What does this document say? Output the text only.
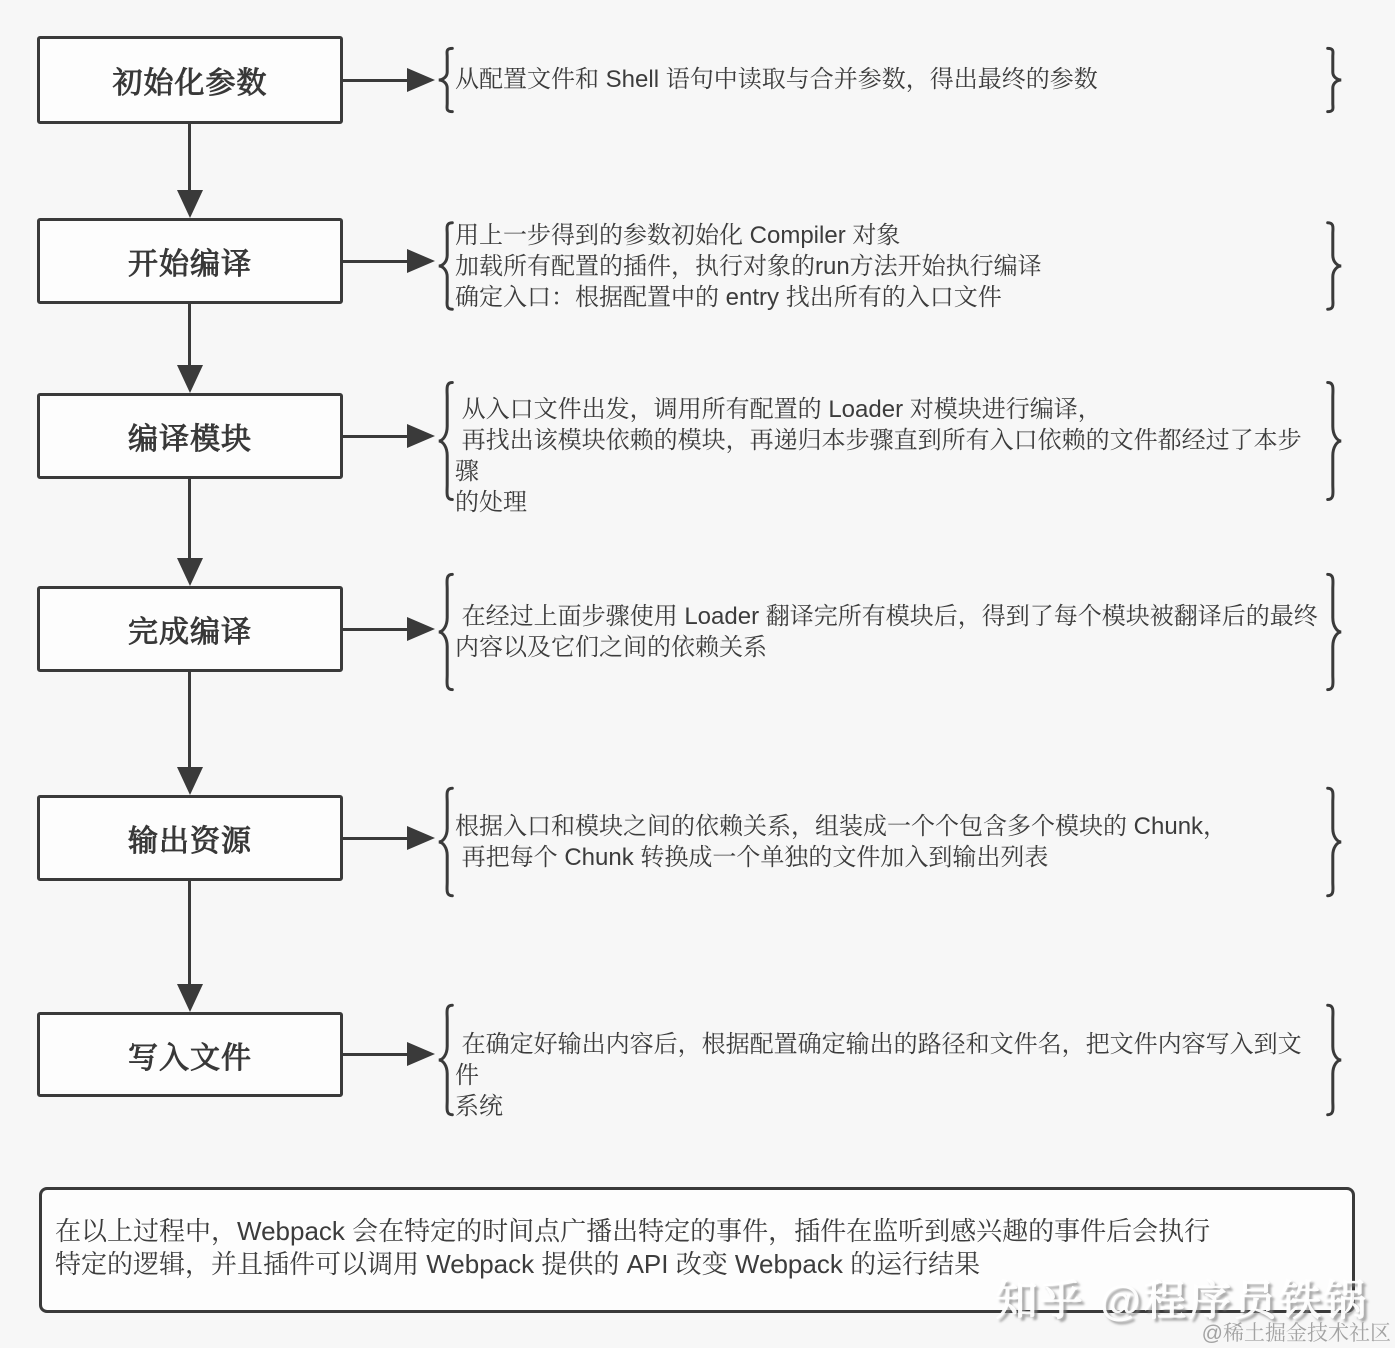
初始化参数	从配置文件和 Shell 语句中读取与合并参数，得出最终的参数
开始编译
用上一步得到的参数初始化 Compiler 对象
加载所有配置的插件，执行对象的run方法开始执行编译
确定入口：根据配置中的 entry 找出所有的入口文件
编译模块
从入口文件出发，调用所有配置的 Loader 对模块进行编译，
再找出该模块依赖的模块，再递归本步骤直到所有入口依赖的文件都经过了本步骤
的处理
完成编译	在经过上面步骤使用 Loader 翻译完所有模块后，得到了每个模块被翻译后的最终
内容以及它们之间的依赖关系
输出资源	根据入口和模块之间的依赖关系，组装成一个个包含多个模块的 Chunk，
再把每个 Chunk 转换成一个单独的文件加入到输出列表
写入文件	在确定好输出内容后，根据配置确定输出的路径和文件名，把文件内容写入到文件
系统
在以上过程中，Webpack 会在特定的时间点广播出特定的事件，插件在监听到感兴趣的事件后会执行
特定的逻辑，并且插件可以调用 Webpack 提供的 API 改变 Webpack 的运行结果
知乎 @程序员铁锅
@稀土掘金技术社区
